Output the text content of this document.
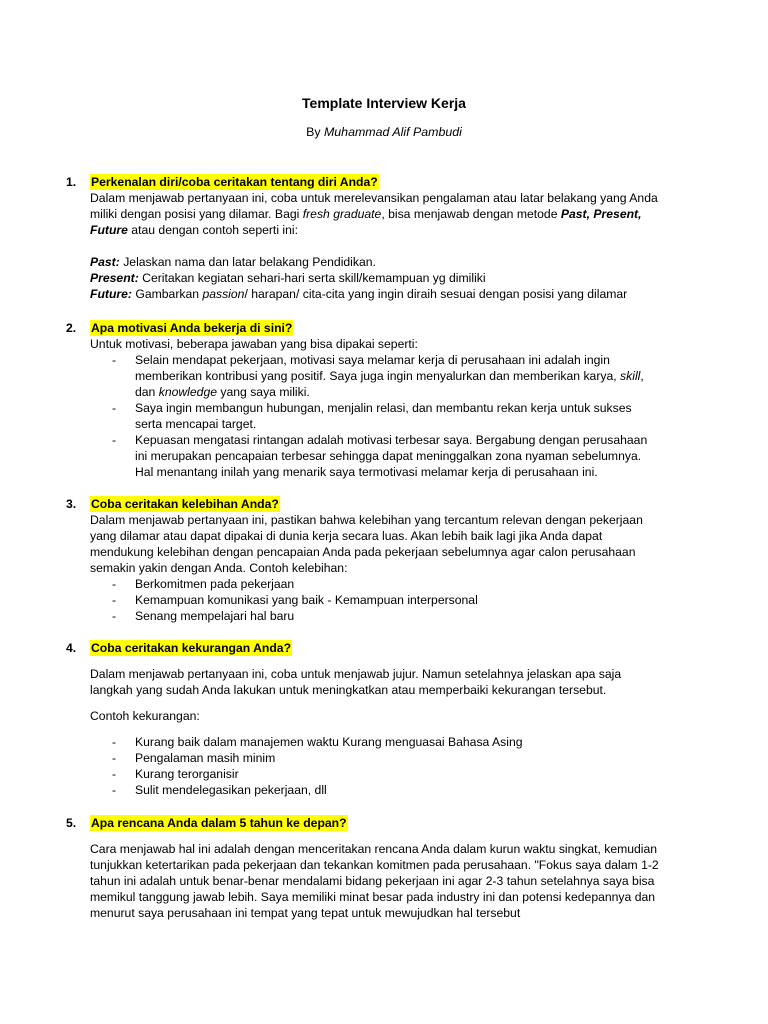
Template Interview Kerja
By Muhammad Alif Pambudi
1. Perkenalan diri/coba ceritakan tentang diri Anda?
Dalam menjawab pertanyaan ini, coba untuk merelevansikan pengalaman atau latar belakang yang Anda
miliki dengan posisi yang dilamar. Bagi fresh graduate, bisa menjawab dengan metode Past, Present,
Future atau dengan contoh seperti ini:
Past: Jelaskan nama dan latar belakang Pendidikan.
Present: Ceritakan kegiatan sehari-hari serta skill/kemampuan yg dimiliki
Future: Gambarkan passion/ harapan/ cita-cita yang ingin diraih sesuai dengan posisi yang dilamar
2. Apa motivasi Anda bekerja di sini?
Untuk motivasi, beberapa jawaban yang bisa dipakai seperti:
- Selain mendapat pekerjaan, motivasi saya melamar kerja di perusahaan ini adalah ingin
memberikan kontribusi yang positif. Saya juga ingin menyalurkan dan memberikan karya, skill,
dan knowledge yang saya miliki.
- Saya ingin membangun hubungan, menjalin relasi, dan membantu rekan kerja untuk sukses
serta mencapai target.
- Kepuasan mengatasi rintangan adalah motivasi terbesar saya. Bergabung dengan perusahaan
ini merupakan pencapaian terbesar sehingga dapat meninggalkan zona nyaman sebelumnya.
Hal menantang inilah yang menarik saya termotivasi melamar kerja di perusahaan ini.
3. Coba ceritakan kelebihan Anda?
Dalam menjawab pertanyaan ini, pastikan bahwa kelebihan yang tercantum relevan dengan pekerjaan
yang dilamar atau dapat dipakai di dunia kerja secara luas. Akan lebih baik lagi jika Anda dapat
mendukung kelebihan dengan pencapaian Anda pada pekerjaan sebelumnya agar calon perusahaan
semakin yakin dengan Anda. Contoh kelebihan:
- Berkomitmen pada pekerjaan
- Kemampuan komunikasi yang baik - Kemampuan interpersonal
- Senang mempelajari hal baru
4. Coba ceritakan kekurangan Anda?
Dalam menjawab pertanyaan ini, coba untuk menjawab jujur. Namun setelahnya jelaskan apa saja
langkah yang sudah Anda lakukan untuk meningkatkan atau memperbaiki kekurangan tersebut.
Contoh kekurangan:
- Kurang baik dalam manajemen waktu Kurang menguasai Bahasa Asing
- Pengalaman masih minim
- Kurang terorganisir
- Sulit mendelegasikan pekerjaan, dll
5. Apa rencana Anda dalam 5 tahun ke depan?
Cara menjawab hal ini adalah dengan menceritakan rencana Anda dalam kurun waktu singkat, kemudian
tunjukkan ketertarikan pada pekerjaan dan tekankan komitmen pada perusahaan. "Fokus saya dalam 1-2
tahun ini adalah untuk benar-benar mendalami bidang pekerjaan ini agar 2-3 tahun setelahnya saya bisa
memikul tanggung jawab lebih. Saya memiliki minat besar pada industry ini dan potensi kedepannya dan
menurut saya perusahaan ini tempat yang tepat untuk mewujudkan hal tersebut
